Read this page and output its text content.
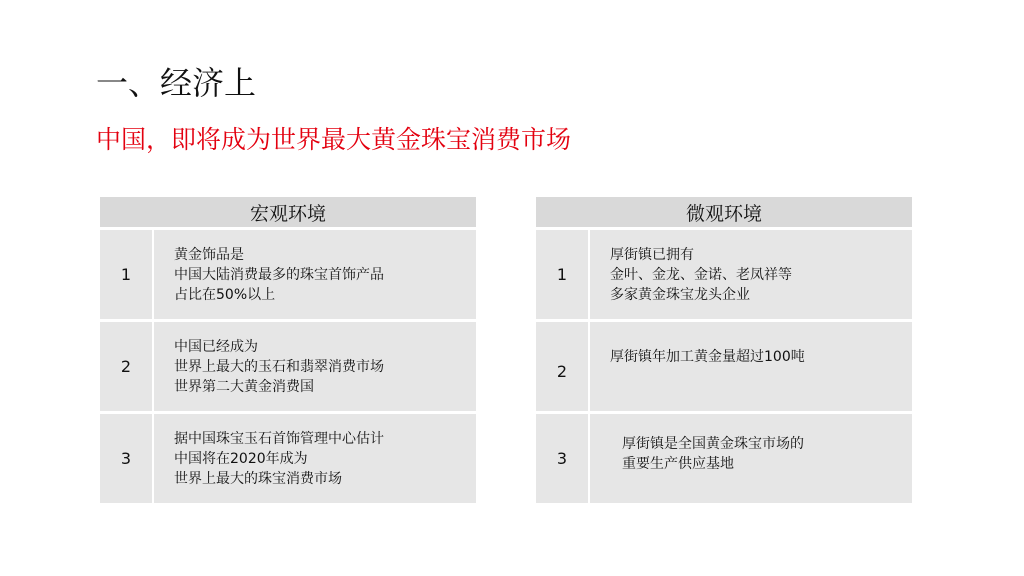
一、经济上
中国，即将成为世界最大黄金珠宝消费市场
宏观环境
1
黄金饰品是
中国大陆消费最多的珠宝首饰产品
占比在50%以上
2
中国已经成为
世界上最大的玉石和翡翠消费市场
世界第二大黄金消费国
3
据中国珠宝玉石首饰管理中心估计
中国将在2020年成为
世界上最大的珠宝消费市场
微观环境
1
厚街镇已拥有
金叶、金龙、金诺、老凤祥等
多家黄金珠宝龙头企业
2
厚街镇年加工黄金量超过100吨
3
厚街镇是全国黄金珠宝市场的
重要生产供应基地
